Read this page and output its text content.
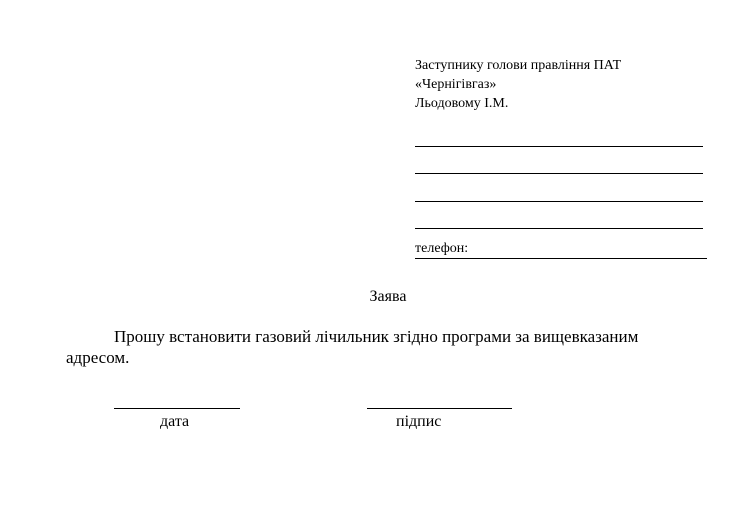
Заступнику голови правління ПАТ
«Чернігівгаз»
Льодовому І.М.
телефон:
Заява
Прошу встановити газовий лічильник згідно програми за вищевказаним
адресом.
дата	підпис
